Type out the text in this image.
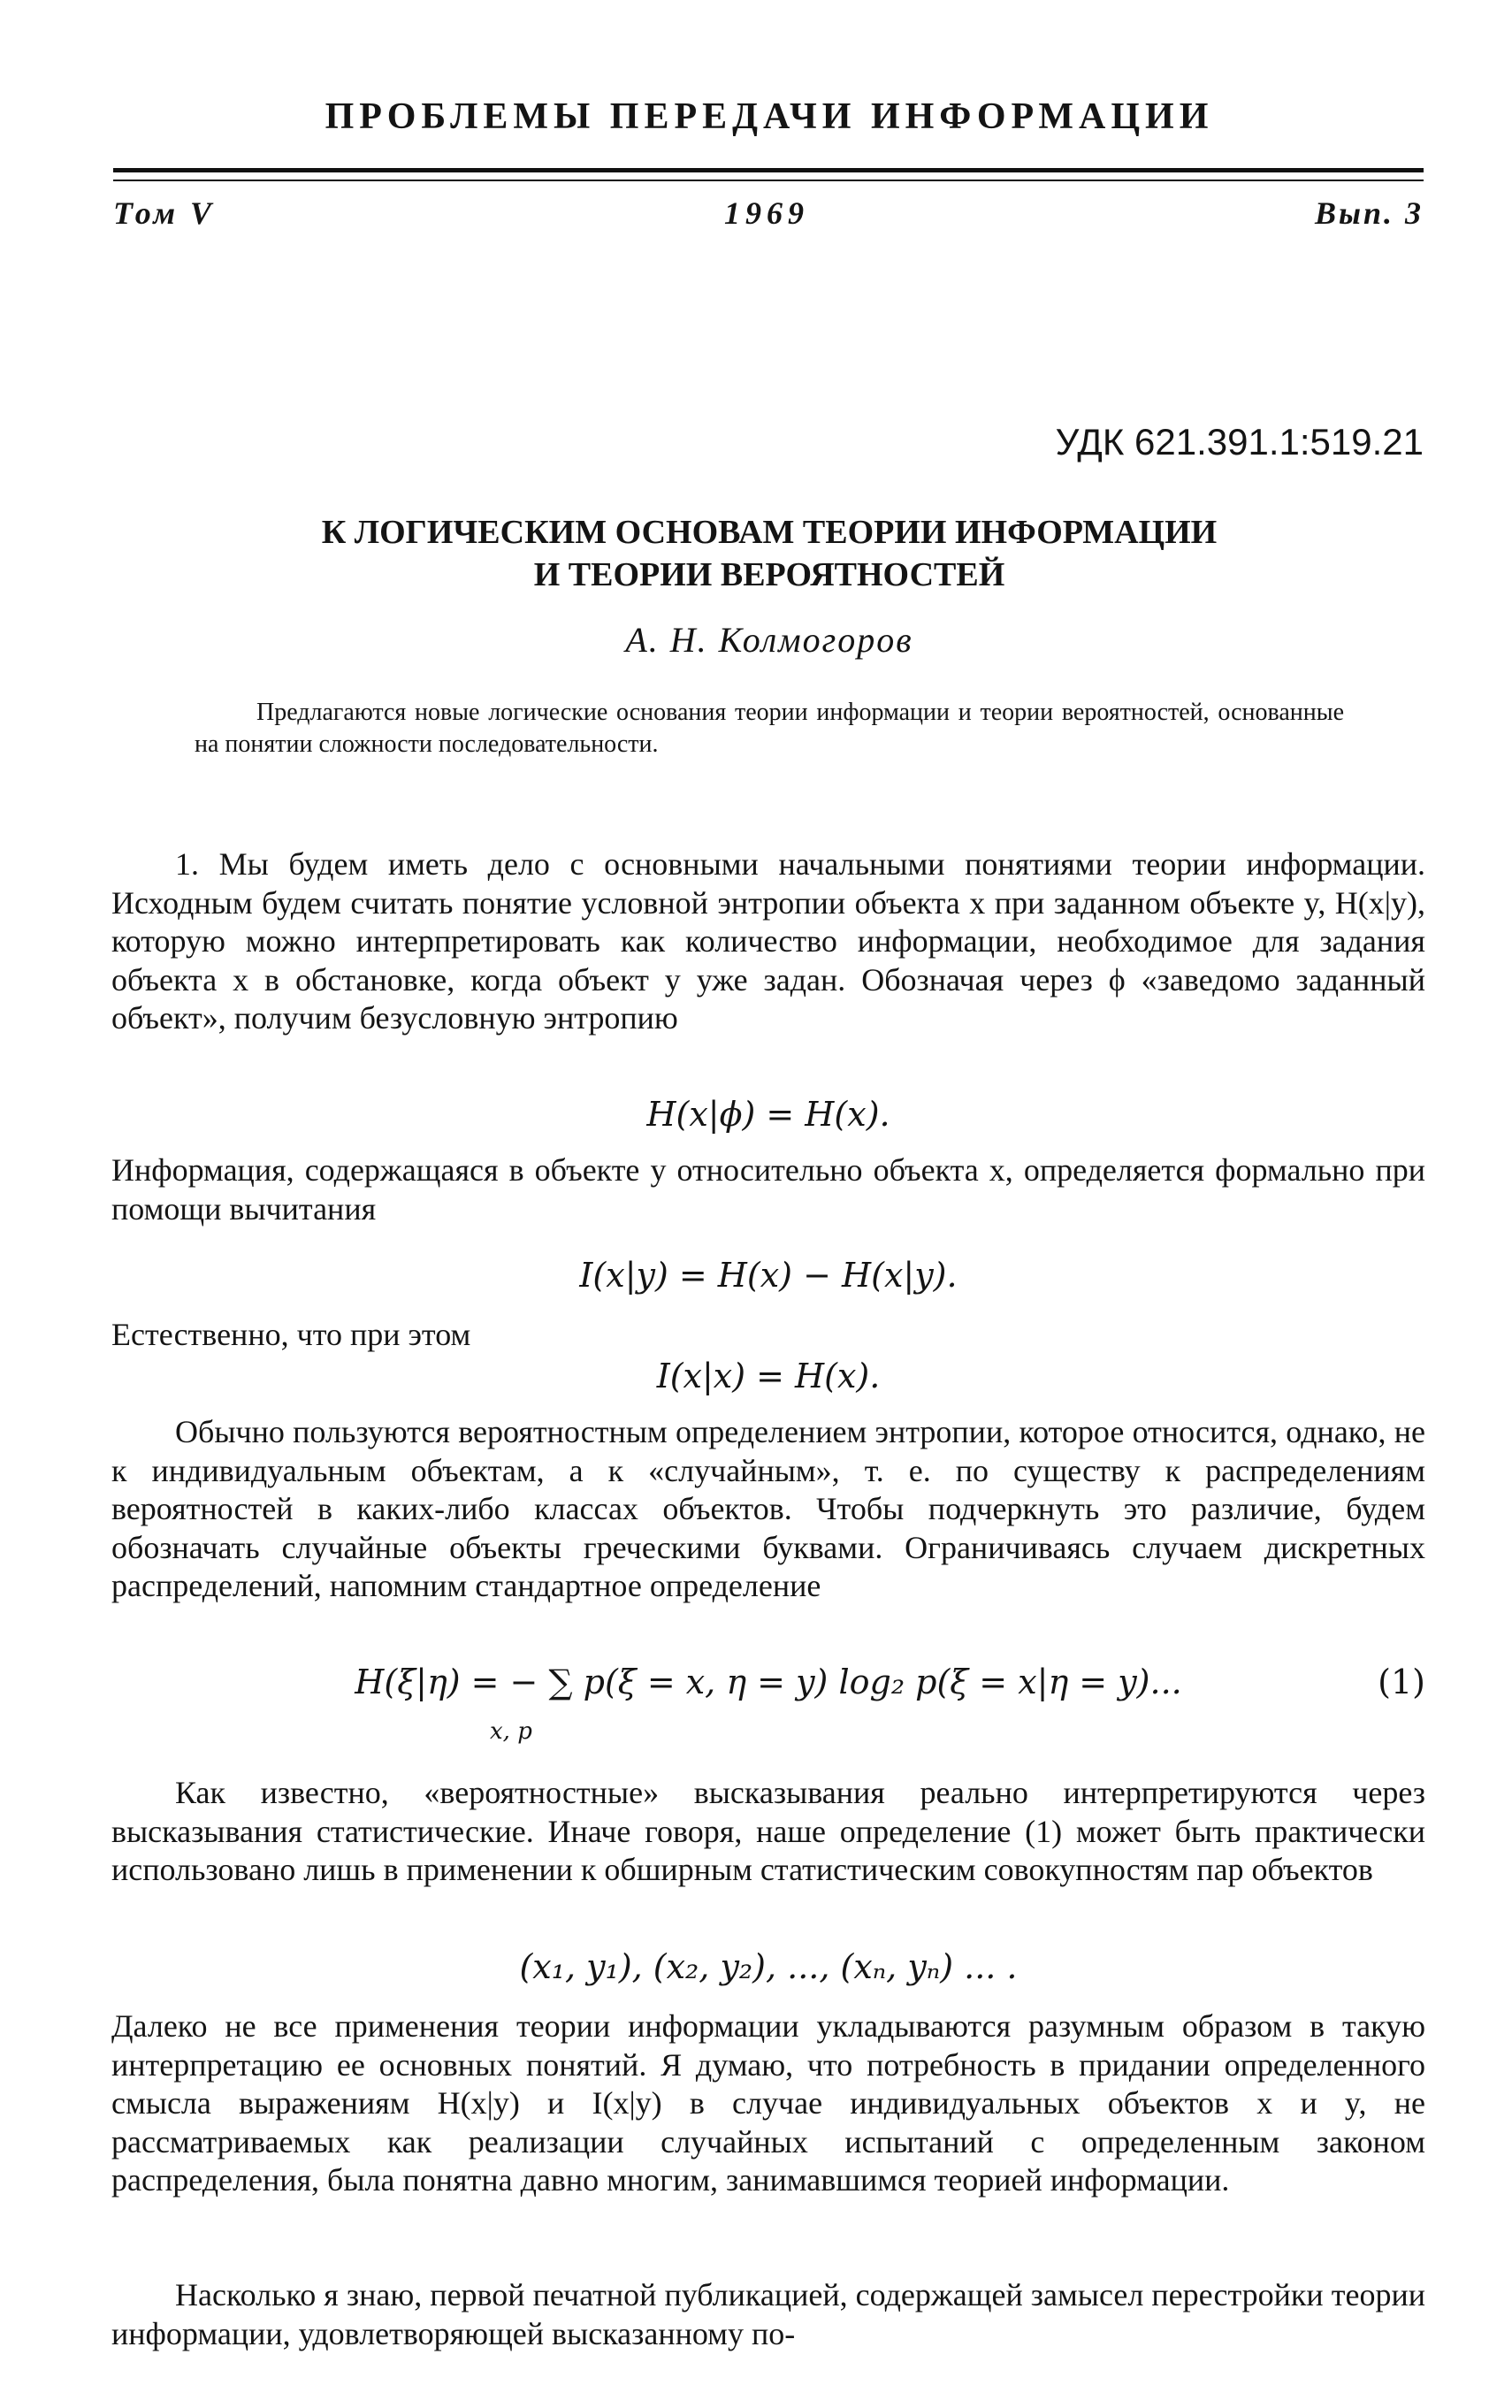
ПРОБЛЕМЫ ПЕРЕДАЧИ ИНФОРМАЦИИ
Том V	1969	Вып. 3
УДК 621.391.1:519.21
К ЛОГИЧЕСКИМ ОСНОВАМ ТЕОРИИ ИНФОРМАЦИИ
И ТЕОРИИ ВЕРОЯТНОСТЕЙ
А. Н. Колмогоров

Предлагаются новые логические основания теории информации и теории вероятностей, основанные на понятии сложности последовательности.

1. Мы будем иметь дело с основными начальными понятиями теории информации. Исходным будем считать понятие условной энтропии объекта x при заданном объекте y, H(x|y), которую можно интерпретировать как количество информации, необходимое для задания объекта x в обстановке, когда объект y уже задан. Обозначая через ϕ «заведомо заданный объект», получим безусловную энтропию

H(x|ϕ) = H(x).

Информация, содержащаяся в объекте y относительно объекта x, определяется формально при помощи вычитания

I(x|y) = H(x) − H(x|y).

Естественно, что при этом

I(x|x) = H(x).

Обычно пользуются вероятностным определением энтропии, которое относится, однако, не к индивидуальным объектам, а к «случайным», т. е. по существу к распределениям вероятностей в каких-либо классах объектов. Чтобы подчеркнуть это различие, будем обозначать случайные объекты греческими буквами. Ограничиваясь случаем дискретных распределений, напомним стандартное определение

H(ξ|η) = − ∑ p(ξ = x, η = y) log₂ p(ξ = x|η = y)...	(1)
x, p

Как известно, «вероятностные» высказывания реально интерпретируются через высказывания статистические. Иначе говоря, наше определение (1) может быть практически использовано лишь в применении к обширным статистическим совокупностям пар объектов

(x₁, y₁), (x₂, y₂), ..., (xₙ, yₙ) ... .

Далеко не все применения теории информации укладываются разумным образом в такую интерпретацию ее основных понятий. Я думаю, что потребность в придании определенного смысла выражениям H(x|y) и I(x|y) в случае индивидуальных объектов x и y, не рассматриваемых как реализации случайных испытаний с определенным законом распределения, была понятна давно многим, занимавшимся теорией информации.

Насколько я знаю, первой печатной публикацией, содержащей замысел перестройки теории информации, удовлетворяющей высказанному по-
